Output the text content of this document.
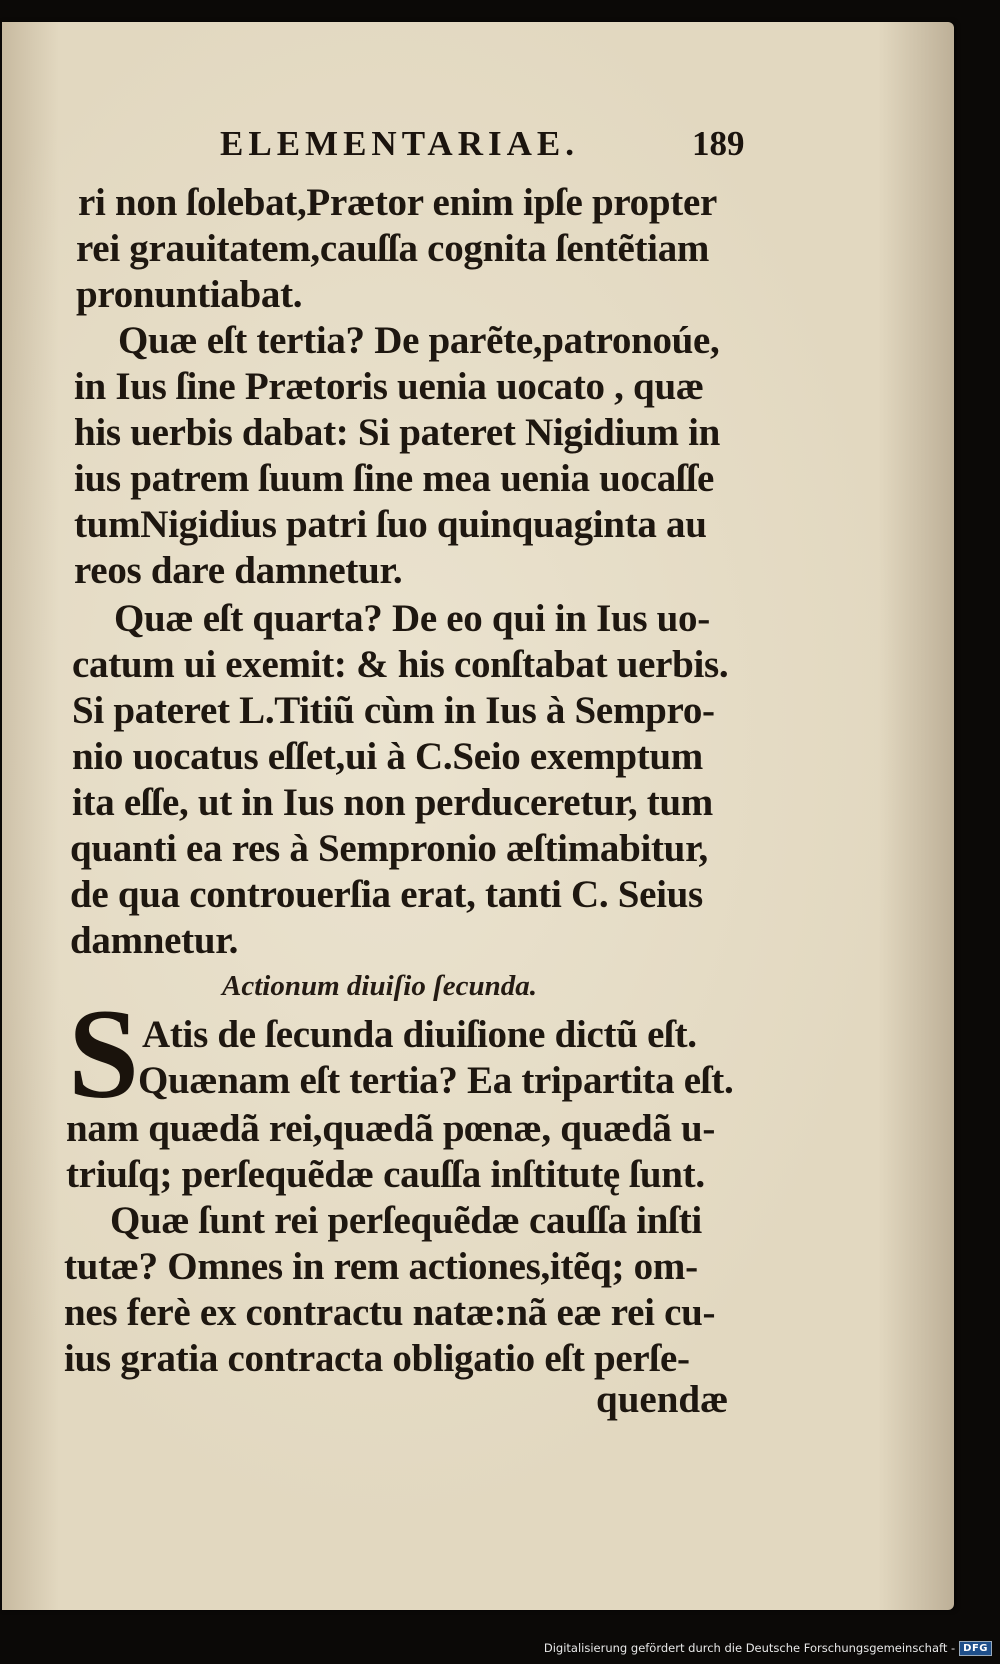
ELEMENTARIAE.	189
ri non ſolebat,Prætor enim ipſe propter
rei grauitatem,cauſſa cognita ſentẽtiam
pronuntiabat.
Quæ eſt tertia? De parẽte,patronoúe,
in Ius ſine Prætoris uenia uocato , quæ
his uerbis dabat: Si pateret Nigidium in
ius patrem ſuum ſine mea uenia uocaſſe
tumNigidius patri ſuo quinquaginta au
reos dare damnetur.
Quæ eſt quarta? De eo qui in Ius uo-
catum ui exemit: & his conſtabat uerbis.
Si pateret L.Titiũ cùm in Ius à Sempro-
nio uocatus eſſet,ui à C.Seio exemptum
ita eſſe, ut in Ius non perduceretur, tum
quanti ea res à Sempronio æſtimabitur,
de qua controuerſia erat, tanti C. Seius
damnetur.
Actionum diuiſio ſecunda.
S Atis de ſecunda diuiſione dictũ eſt.
Quænam eſt tertia? Ea tripartita eſt.
nam quædã rei,quædã pœnæ, quædã u-
triuſq; perſequẽdæ cauſſa inſtitutę ſunt.
Quæ ſunt rei perſequẽdæ cauſſa inſti
tutæ? Omnes in rem actiones,itẽq; om-
nes ferè ex contractu natæ:nã eæ rei cu-
ius gratia contracta obligatio eſt perſe-
quendæ
Digitalisierung gefördert durch die Deutsche Forschungsgemeinschaft - DFG
